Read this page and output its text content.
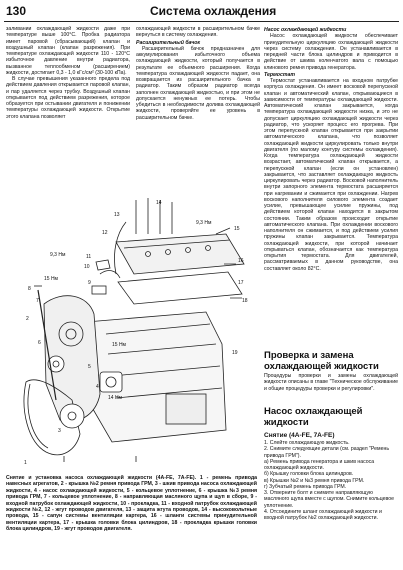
130	Система охлаждения

заливании охлаждающей жидкости даже при температуре выше 100°С. Пробка радиатора имеет паровой (сбрасывающий) клапан и воздушный клапан (клапан разрежения). При температуре охлаждающей жидкости 110 - 120°С избыточное давление внутри радиатора, вызванное теплообменом (расширением) жидкости, достигает 0,3 - 1,0 кГс/см² (30-100 кПа).

В случае превышения указанного предела под действием давления открывается паровой клапан, и пар удаляется через трубку. Воздушный клапан открывается под действием разрежения, которое образуется при остывании двигателя и понижении температуры охлаждающей жидкости. Открытие этого клапана позволяет

охлаждающей жидкости в расширительном бачке вернуться в систему охлаждения.

Расширительный бачок

Расширительный бачок предназначен для аккумулирования избыточного объема охлаждающей жидкости, который получается в результате ее объемного расширения. Когда температура охлаждающей жидкости падает, она возвращается из расширительного бачка в радиатор. Таким образом радиатор всегда заполнен охлаждающей жидкостью, и при этом не допускается ненужных ее потерь. Чтобы убедиться в необходимости долива охлаждающей жидкости, проверяйте ее уровень в расширительном бачке.

Насос охлаждающей жидкости

Насос охлаждающей жидкости обеспечивает принудительную циркуляцию охлаждающей жидкости через систему охлаждения. Он устанавливается в передней части блока цилиндров и приводится в действие от шкива коленчатого вала с помощью клинового ремня привода генератора.

Термостат

Термостат устанавливается на входном патрубке корпуса охлаждения. Он имеет восковой перепускной клапан и автоматический клапан, открывающиеся в зависимости от температуры охлаждающей жидкости. Автоматический клапан закрывается, когда температура охлаждающей жидкости низка, и это не допускает циркуляцию охлаждающей жидкости через радиатор, что ускоряет процесс его прогрева. При этом перепускной клапан открывается при закрытии автоматического клапана, что позволяет охлаждающей жидкости циркулировать только внутри двигателя (по малому контуру системы охлаждения). Когда температура охлаждающей жидкости возрастает, автоматический клапан открывается, а перепускной клапан (если он установлен) закрывается, что заставляет охлаждающую жидкость циркулировать через радиатор. Восковой наполнитель внутри запорного элемента термостата расширяется при нагревании и сжимается при охлаждении. Нагрев воскового наполнителя силового элемента создает усилие, превышающее усилие пружины, под действием которой клапан находится в закрытом состоянии. Таким образом происходит открытие автоматического клапана. При охлаждении воскового наполнителя он сжимается, и под действием усилия пружины клапан закрывается. Температура охлаждающей жидкости, при которой начинает открываться клапан, обозначается как температура открытия термостата. Для двигателей, рассматриваемых в данном руководстве, она составляет около 82°С.

Проверка и замена охлаждающей жидкости
Процедуры проверки и замены охлаждающей жидкости описаны в главе "Техническое обслуживание и общие процедуры проверки и регулировки".
Насос охлаждающей жидкости

Снятие (4A-FE, 7A-FE)

1. Слейте охлаждающую жидкость.

2. Снимите следующие детали (см. раздел "Ремень привода ГРМ").

а) Ремень привода генератора и шкив насоса охлаждающей жидкости.

б) Крышку головки блока цилиндров.

в) Крышки №2 и №3 ремня привода ГРМ.

г) Зубчатый ремень привода ГРМ.

3. Отверните болт и снимите направляющую масляного щупа вместе с щупом. Снимите кольцевое уплотнение.

4. Отсоедините шланг охлаждающей жидкости и входной патрубок №2 охлаждающей жидкости.

9,3 Нм
15 Нм
15 Нм
14 Нм
9,3 Нм
1
2
3
4
5
6
7
8
9
10
11
12
13
14
15
16
17
18
19
Снятие и установка насоса охлаждающей жидкости (4A-FE, 7A-FE). 1 - ремень привода навесных агрегатов, 2 - крышка №2 ремня привода ГРМ, 3 - шкив привода насоса охлаждающей жидкости, 4 - насос охлаждающей жидкости, 5 - кольцевое уплотнение, 6 - крышка №3 ремня привода ГРМ, 7 - кольцевое уплотнение, 8 - направляющая масляного щупа и щуп в сборе, 9 - входной патрубок охлаждающей жидкости, 10 - прокладка, 11 - входной патрубок охлаждающей жидкости №2, 12 - жгут проводов двигателя, 13 - защита жгута проводов, 14 - высоковольтные провода, 15 - сапун системы вентиляции картера, 16 - шланги системы принудительной вентиляции картера, 17 - крышка головки блока цилиндров, 18 - прокладка крышки головки блока цилиндров, 19 - жгут проводов двигателя.
